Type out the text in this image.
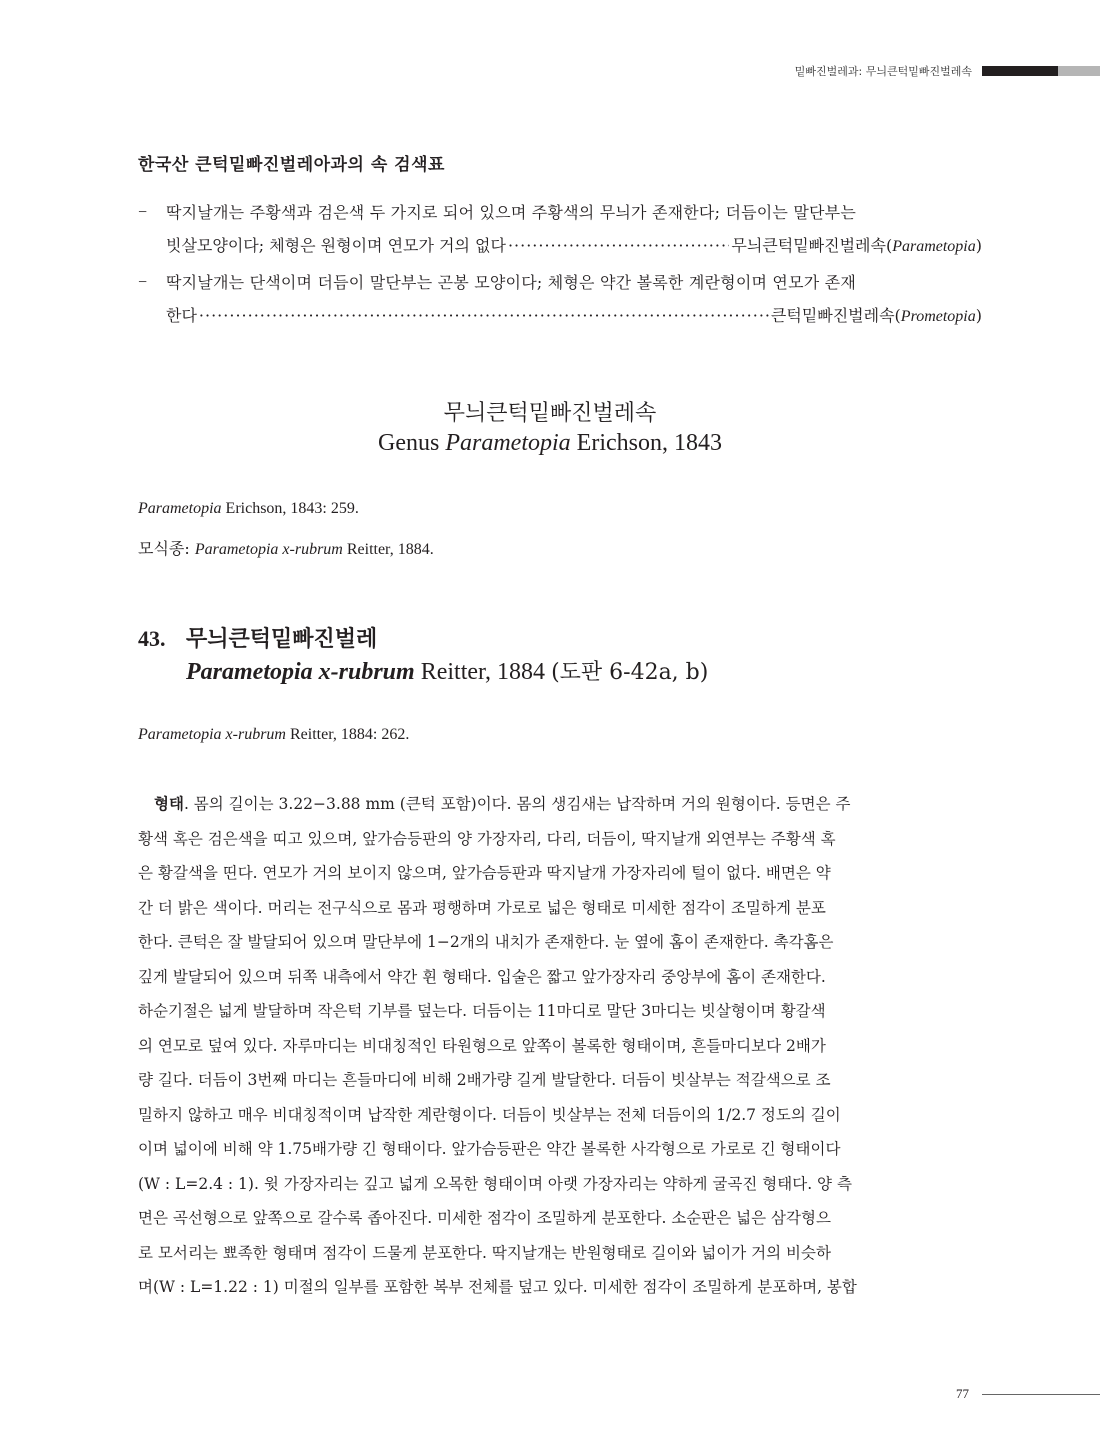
밑빠진벌레과: 무늬큰턱밑빠진벌레속
한국산 큰턱밑빠진벌레아과의 속 검색표
− 딱지날개는 주황색과 검은색 두 가지로 되어 있으며 주황색의 무늬가 존재한다; 더듬이는 말단부는
빗살모양이다; 체형은 원형이며 연모가 거의 없다 ·····	무늬큰턱밑빠진벌레속(Parametopia)
− 딱지날개는 단색이며 더듬이 말단부는 곤봉 모양이다; 체형은 약간 볼록한 계란형이며 연모가 존재
한다 ·····	큰턱밑빠진벌레속(Prometopia)
무늬큰턱밑빠진벌레속
Genus Parametopia Erichson, 1843
Parametopia Erichson, 1843: 259.
모식종: Parametopia x-rubrum Reitter, 1884.
43. 무늬큰턱밑빠진벌레
Parametopia x-rubrum Reitter, 1884 (도판 6-42a, b)
Parametopia x-rubrum Reitter, 1884: 262.
형태. 몸의 길이는 3.22−3.88 mm (큰턱 포함)이다. 몸의 생김새는 납작하며 거의 원형이다. 등면은 주
황색 혹은 검은색을 띠고 있으며, 앞가슴등판의 양 가장자리, 다리, 더듬이, 딱지날개 외연부는 주황색 혹
은 황갈색을 띤다. 연모가 거의 보이지 않으며, 앞가슴등판과 딱지날개 가장자리에 털이 없다. 배면은 약
간 더 밝은 색이다. 머리는 전구식으로 몸과 평행하며 가로로 넓은 형태로 미세한 점각이 조밀하게 분포
한다. 큰턱은 잘 발달되어 있으며 말단부에 1−2개의 내치가 존재한다. 눈 옆에 홈이 존재한다. 촉각홈은
깊게 발달되어 있으며 뒤쪽 내측에서 약간 휜 형태다. 입술은 짧고 앞가장자리 중앙부에 홈이 존재한다.
하순기절은 넓게 발달하며 작은턱 기부를 덮는다. 더듬이는 11마디로 말단 3마디는 빗살형이며 황갈색
의 연모로 덮여 있다. 자루마디는 비대칭적인 타원형으로 앞쪽이 볼록한 형태이며, 흔들마디보다 2배가
량 길다. 더듬이 3번째 마디는 흔들마디에 비해 2배가량 길게 발달한다. 더듬이 빗살부는 적갈색으로 조
밀하지 않하고 매우 비대칭적이며 납작한 계란형이다. 더듬이 빗살부는 전체 더듬이의 1/2.7 정도의 길이
이며 넓이에 비해 약 1.75배가량 긴 형태이다. 앞가슴등판은 약간 볼록한 사각형으로 가로로 긴 형태이다
(W : L=2.4 : 1). 윗 가장자리는 깊고 넓게 오목한 형태이며 아랫 가장자리는 약하게 굴곡진 형태다. 양 측
면은 곡선형으로 앞쪽으로 갈수록 좁아진다. 미세한 점각이 조밀하게 분포한다. 소순판은 넓은 삼각형으
로 모서리는 뾰족한 형태며 점각이 드물게 분포한다. 딱지날개는 반원형태로 길이와 넓이가 거의 비슷하
며(W : L=1.22 : 1) 미절의 일부를 포함한 복부 전체를 덮고 있다. 미세한 점각이 조밀하게 분포하며, 봉합
77
